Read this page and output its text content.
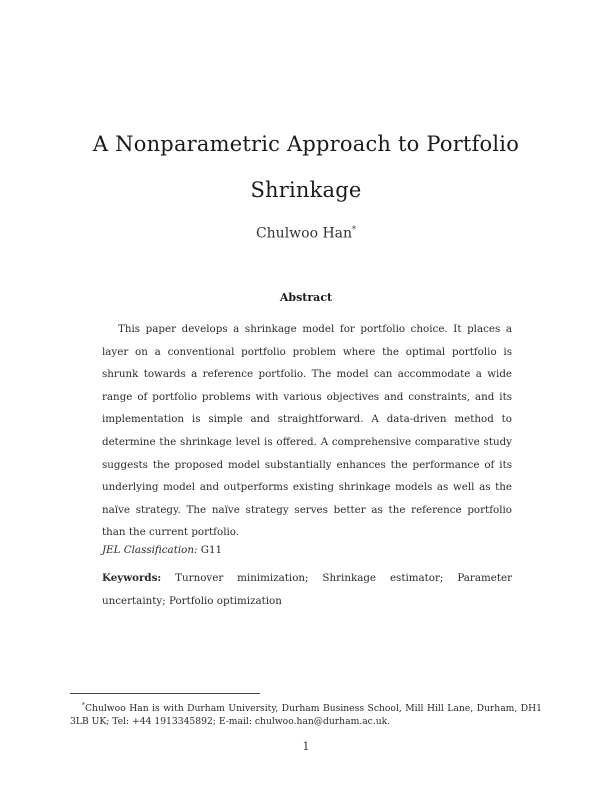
A Nonparametric Approach to Portfolio
Shrinkage
Chulwoo Han*
Abstract

This paper develops a shrinkage model for portfolio choice. It places a layer on a conventional portfolio problem where the optimal portfolio is shrunk towards a reference portfolio. The model can accommodate a wide range of portfolio problems with various objectives and constraints, and its implementation is simple and straightforward. A data-driven method to determine the shrinkage level is offered. A comprehensive comparative study suggests the proposed model substantially enhances the performance of its underlying model and outperforms existing shrinkage models as well as the naïve strategy. The naïve strategy serves better as the reference portfolio than the current portfolio.

JEL Classification: G11

Keywords: Turnover minimization; Shrinkage estimator; Parameter uncertainty; Portfolio optimization

*Chulwoo Han is with Durham University, Durham Business School, Mill Hill Lane, Durham, DH1 3LB UK; Tel: +44 1913345892; E-mail: chulwoo.han@durham.ac.uk.

1
